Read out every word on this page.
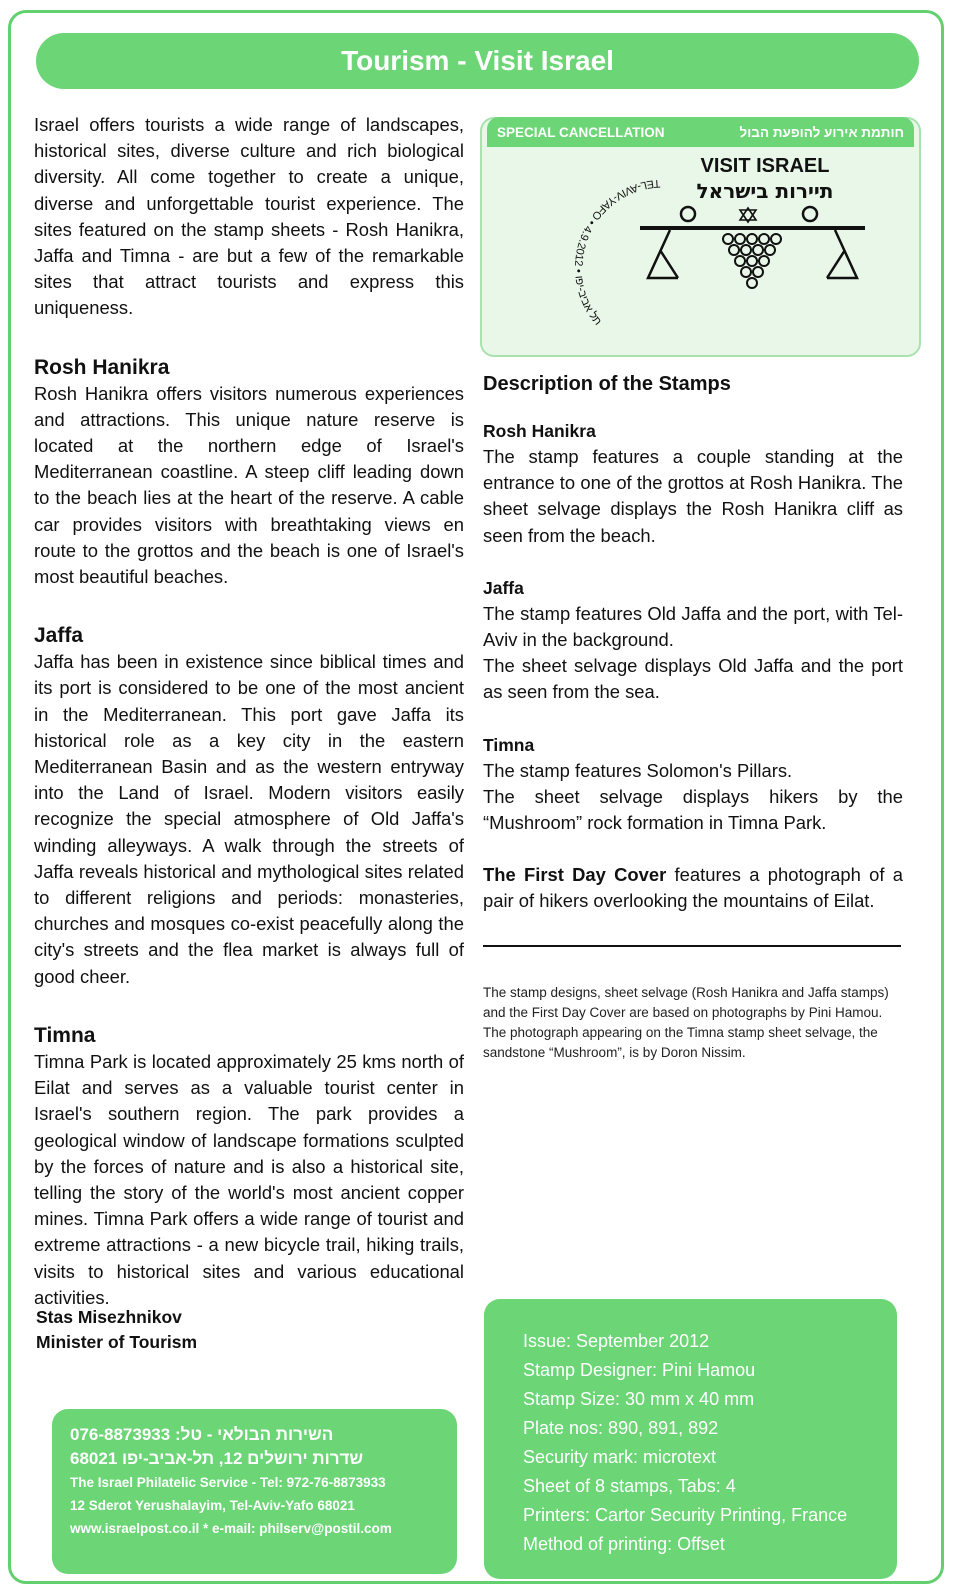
Tourism - Visit Israel

Israel offers tourists a wide range of landscapes, historical sites, diverse culture and rich biological diversity. All come together to create a unique, diverse and unforgettable tourist experience. The sites featured on the stamp sheets - Rosh Hanikra, Jaffa and Timna - are but a few of the remarkable sites that attract tourists and express this uniqueness.

Rosh Hanikra

Rosh Hanikra offers visitors numerous experiences and attractions. This unique nature reserve is located at the northern edge of Israel's Mediterranean coastline. A steep cliff leading down to the beach lies at the heart of the reserve. A cable car provides visitors with breathtaking views en route to the grottos and the beach is one of Israel's most beautiful beaches.

Jaffa

Jaffa has been in existence since biblical times and its port is considered to be one of the most ancient in the Mediterranean. This port gave Jaffa its historical role as a key city in the eastern Mediterranean Basin and as the western entryway into the Land of Israel. Modern visitors easily recognize the special atmosphere of Old Jaffa's winding alleyways. A walk through the streets of Jaffa reveals historical and mythological sites related to different religions and periods: monasteries, churches and mosques co-exist peacefully along the city's streets and the flea market is always full of good cheer.

Timna

Timna Park is located approximately 25 kms north of Eilat and serves as a valuable tourist center in Israel's southern region. The park provides a geological window of landscape formations sculpted by the forces of nature and is also a historical site, telling the story of the world's most ancient copper mines. Timna Park offers a wide range of tourist and extreme attractions - a new bicycle trail, hiking trails, visits to historical sites and various educational activities.

Stas Misezhnikov
Minister of Tourism
השירות הבולאי - טל: 076-8873933
שדרות ירושלים 12, תל-אביב-יפו 68021
The Israel Philatelic Service - Tel: 972-76-8873933
12 Sderot Yerushalayim, Tel-Aviv-Yafo 68021
www.israelpost.co.il * e-mail: philserv@postil.com
SPECIAL CANCELLATION	חותמת אירוע להופעת הבול
TEL-AVIV-YAFO • 4.9.2012 • תל אביב-יפו
VISIT ISRAEL
תיירות בישראל
Description of the Stamps
Rosh Hanikra

The stamp features a couple standing at the entrance to one of the grottos at Rosh Hanikra. The sheet selvage displays the Rosh Hanikra cliff as seen from the beach.

Jaffa

The stamp features Old Jaffa and the port, with Tel-Aviv in the background.

The sheet selvage displays Old Jaffa and the port as seen from the sea.

Timna

The stamp features Solomon's Pillars.

The sheet selvage displays hikers by the “Mushroom” rock formation in Timna Park.

The First Day Cover features a photograph of a pair of hikers overlooking the mountains of Eilat.

The stamp designs, sheet selvage (Rosh Hanikra and Jaffa stamps) and the First Day Cover are based on photographs by Pini Hamou. The photograph appearing on the Timna stamp sheet selvage, the sandstone “Mushroom”, is by Doron Nissim.
Issue: September 2012
Stamp Designer: Pini Hamou
Stamp Size: 30 mm x 40 mm
Plate nos: 890, 891, 892
Security mark: microtext
Sheet of 8 stamps, Tabs: 4
Printers: Cartor Security Printing, France
Method of printing: Offset
